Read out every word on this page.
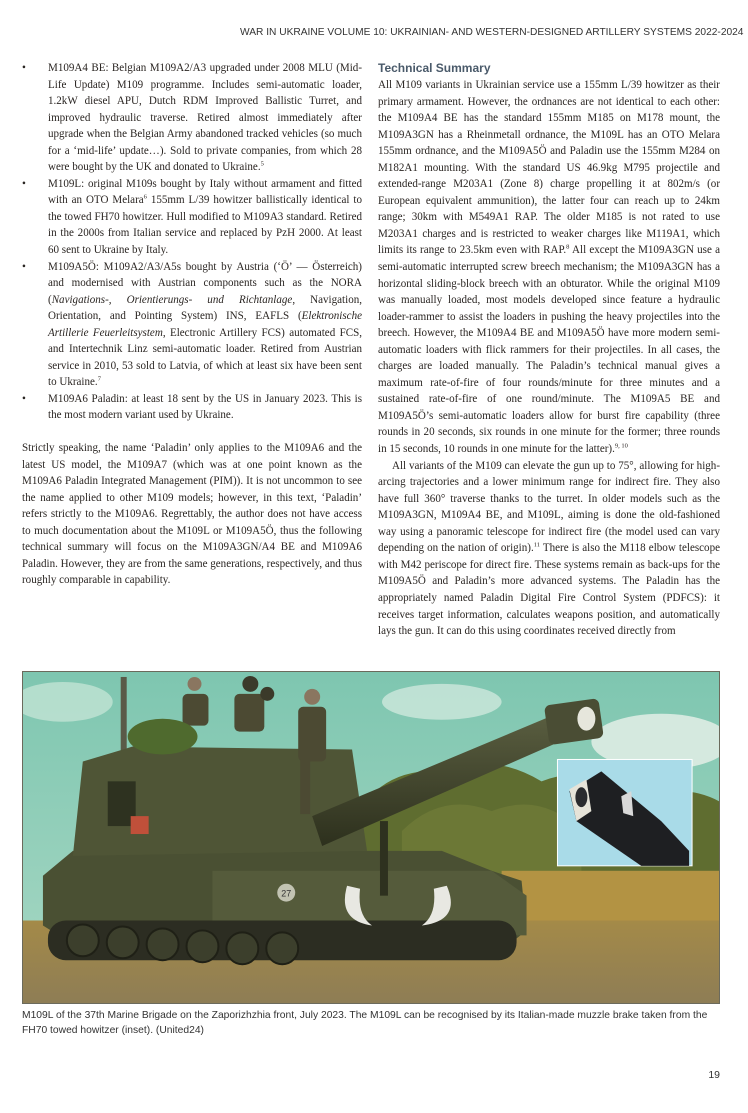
WAR IN UKRAINE VOLUME 10: UKRAINIAN- AND WESTERN-DESIGNED ARTILLERY SYSTEMS 2022-2024
•	M109A4 BE: Belgian M109A2/A3 upgraded under 2008 MLU (Mid-Life Update) M109 programme. Includes semi-automatic loader, 1.2kW diesel APU, Dutch RDM Improved Ballistic Turret, and improved hydraulic traverse. Retired almost immediately after upgrade when the Belgian Army abandoned tracked vehicles (so much for a ‘mid-life’ update…). Sold to private companies, from which 28 were bought by the UK and donated to Ukraine.$^5$
•	M109L: original M109s bought by Italy without armament and fitted with an OTO Melara$^6$ 155mm L/39 howitzer ballistically identical to the towed FH70 howitzer. Hull modified to M109A3 standard. Retired in the 2000s from Italian service and replaced by PzH 2000. At least 60 sent to Ukraine by Italy.
•	M109A5Ö: M109A2/A3/A5s bought by Austria (‘Ö’ — Österreich) and modernised with Austrian components such as the NORA (Navigations-, Orientierungs- und Richtanlage, Navigation, Orientation, and Pointing System) INS, EAFLS (Elektronische Artillerie Feuerleitsystem, Electronic Artillery FCS) automated FCS, and Intertechnik Linz semi-automatic loader. Retired from Austrian service in 2010, 53 sold to Latvia, of which at least six have been sent to Ukraine.$^7$
•	M109A6 Paladin: at least 18 sent by the US in January 2023. This is the most modern variant used by Ukraine.

Strictly speaking, the name ‘Paladin’ only applies to the M109A6 and the latest US model, the M109A7 (which was at one point known as the M109A6 Paladin Integrated Management (PIM)). It is not uncommon to see the name applied to other M109 models; however, in this text, ‘Paladin’ refers strictly to the M109A6. Regrettably, the author does not have access to much documentation about the M109L or M109A5Ö, thus the following technical summary will focus on the M109A3GN/A4 BE and M109A6 Paladin. However, they are from the same generations, respectively, and thus roughly comparable in capability.

Technical Summary

All M109 variants in Ukrainian service use a 155mm L/39 howitzer as their primary armament. However, the ordnances are not identical to each other: the M109A4 BE has the standard 155mm M185 on M178 mount, the M109A3GN has a Rheinmetall ordnance, the M109L has an OTO Melara 155mm ordnance, and the M109A5Ö and Paladin use the 155mm M284 on M182A1 mounting. With the standard US 46.9kg M795 projectile and extended-range M203A1 (Zone 8) charge propelling it at 802m/s (or European equivalent ammunition), the latter four can reach up to 24km range; 30km with M549A1 RAP. The older M185 is not rated to use M203A1 charges and is restricted to weaker charges like M119A1, which limits its range to 23.5km even with RAP.$^8$ All except the M109A3GN use a semi-automatic interrupted screw breech mechanism; the M109A3GN has a horizontal sliding-block breech with an obturator. While the original M109 was manually loaded, most models developed since feature a hydraulic loader-rammer to assist the loaders in pushing the heavy projectiles into the breech. However, the M109A4 BE and M109A5Ö have more modern semi-automatic loaders with flick rammers for their projectiles. In all cases, the charges are loaded manually. The Paladin’s technical manual gives a maximum rate-of-fire of four rounds/minute for three minutes and a sustained rate-of-fire of one round/minute. The M109A5 BE and M109A5Ö’s semi-automatic loaders allow for burst fire capability (three rounds in 20 seconds, six rounds in one minute for the former; three rounds in 15 seconds, 10 rounds in one minute for the latter).$^{9, 10}$

All variants of the M109 can elevate the gun up to 75°, allowing for high-arcing trajectories and a lower minimum range for indirect fire. They also have full 360° traverse thanks to the turret. In older models such as the M109A3GN, M109A4 BE, and M109L, aiming is done the old-fashioned way using a panoramic telescope for indirect fire (the model used can vary depending on the nation of origin).$^{11}$ There is also the M118 elbow telescope with M42 periscope for direct fire. These systems remain as back-ups for the M109A5Ö and Paladin’s more advanced systems. The Paladin has the appropriately named Paladin Digital Fire Control System (PDFCS): it receives target information, calculates weapons position, and automatically lays the gun. It can do this using coordinates received directly from

27
M109L of the 37th Marine Brigade on the Zaporizhzhia front, July 2023. The M109L can be recognised by its Italian-made muzzle brake taken from the FH70 towed howitzer (inset). (United24)
19
